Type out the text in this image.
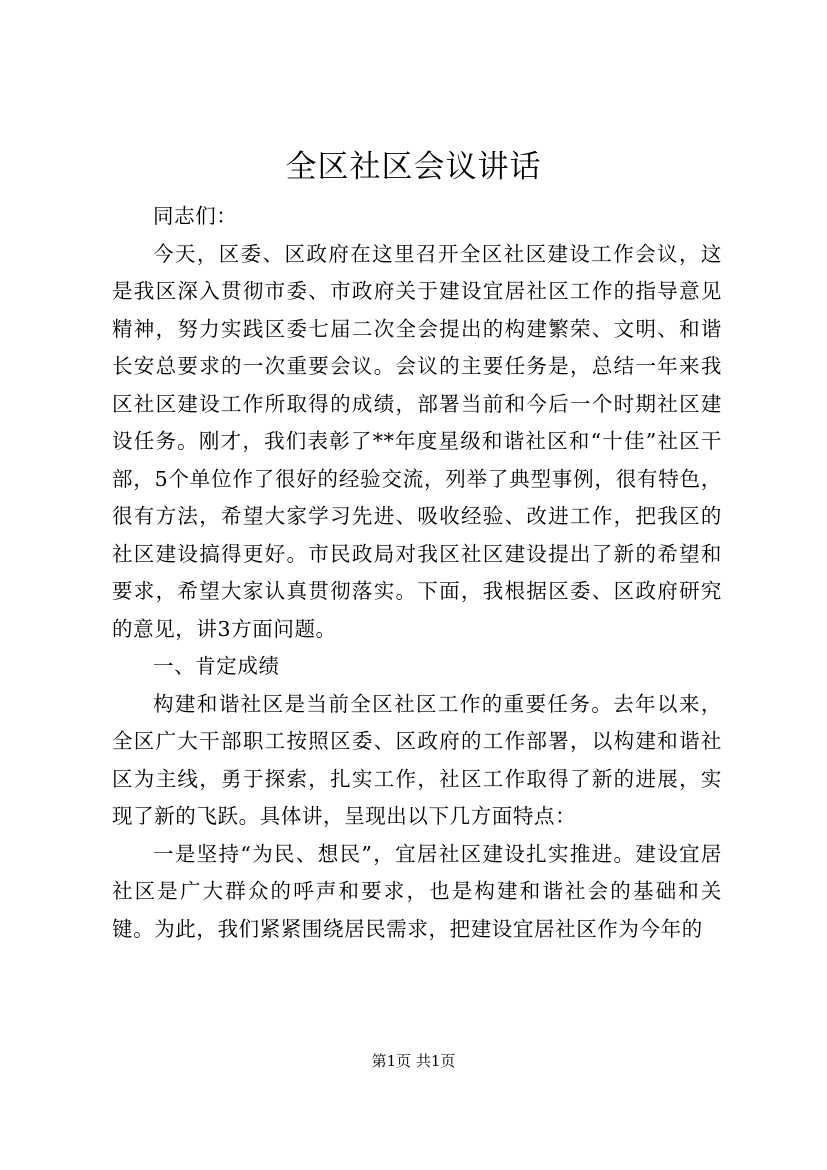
全区社区会议讲话

同志们：

今天，区委、区政府在这里召开全区社区建设工作会议，这是我区深入贯彻市委、市政府关于建设宜居社区工作的指导意见精神，努力实践区委七届二次全会提出的构建繁荣、文明、和谐长安总要求的一次重要会议。会议的主要任务是，总结一年来我区社区建设工作所取得的成绩，部署当前和今后一个时期社区建设任务。刚才，我们表彰了**年度星级和谐社区和“十佳”社区干部，5个单位作了很好的经验交流，列举了典型事例，很有特色，很有方法，希望大家学习先进、吸收经验、改进工作，把我区的社区建设搞得更好。市民政局对我区社区建设提出了新的希望和要求，希望大家认真贯彻落实。下面，我根据区委、区政府研究的意见，讲3方面问题。

一、肯定成绩

构建和谐社区是当前全区社区工作的重要任务。去年以来，全区广大干部职工按照区委、区政府的工作部署，以构建和谐社区为主线，勇于探索，扎实工作，社区工作取得了新的进展，实现了新的飞跃。具体讲，呈现出以下几方面特点：

一是坚持“为民、想民”，宜居社区建设扎实推进。建设宜居社区是广大群众的呼声和要求，也是构建和谐社会的基础和关键。为此，我们紧紧围绕居民需求，把建设宜居社区作为今年的

第1页 共1页
